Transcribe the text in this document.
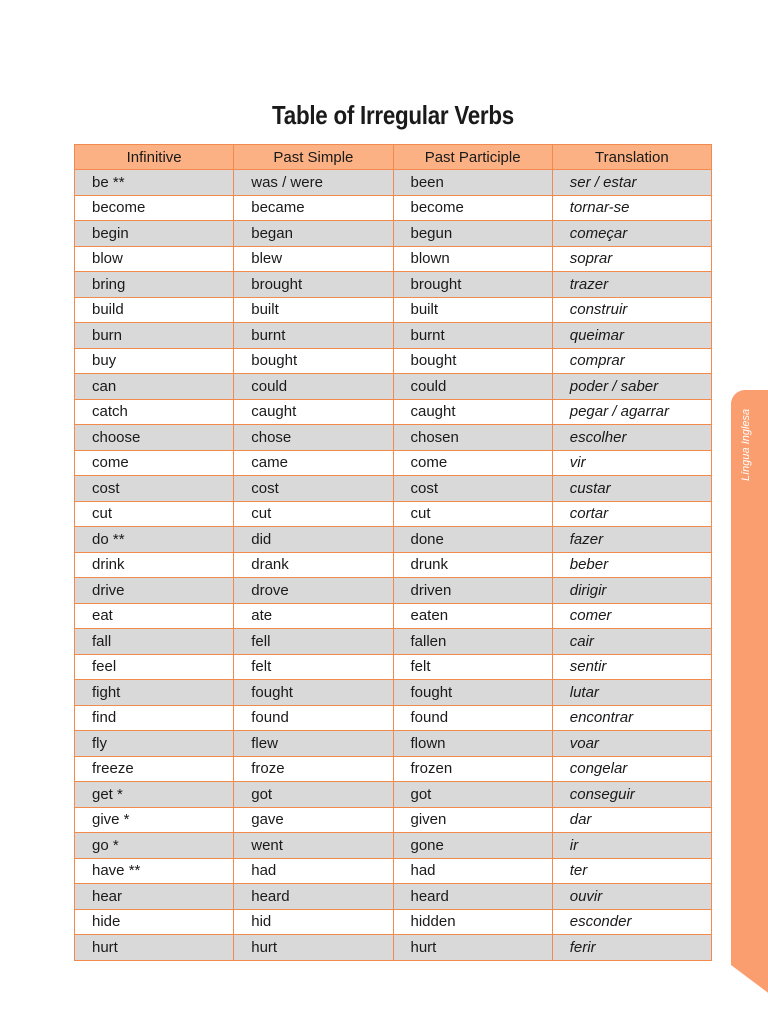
Table of Irregular Verbs
Infinitive	Past Simple	Past Participle	Translation
be **	was / were	been	ser / estar
become	became	become	tornar-se
begin	began	begun	começar
blow	blew	blown	soprar
bring	brought	brought	trazer
build	built	built	construir
burn	burnt	burnt	queimar
buy	bought	bought	comprar
can	could	could	poder / saber
catch	caught	caught	pegar / agarrar
choose	chose	chosen	escolher
come	came	come	vir
cost	cost	cost	custar
cut	cut	cut	cortar
do **	did	done	fazer
drink	drank	drunk	beber
drive	drove	driven	dirigir
eat	ate	eaten	comer
fall	fell	fallen	cair
feel	felt	felt	sentir
fight	fought	fought	lutar
find	found	found	encontrar
fly	flew	flown	voar
freeze	froze	frozen	congelar
get *	got	got	conseguir
give *	gave	given	dar
go *	went	gone	ir
have **	had	had	ter
hear	heard	heard	ouvir
hide	hid	hidden	esconder
hurt	hurt	hurt	ferir
Língua Inglesa
